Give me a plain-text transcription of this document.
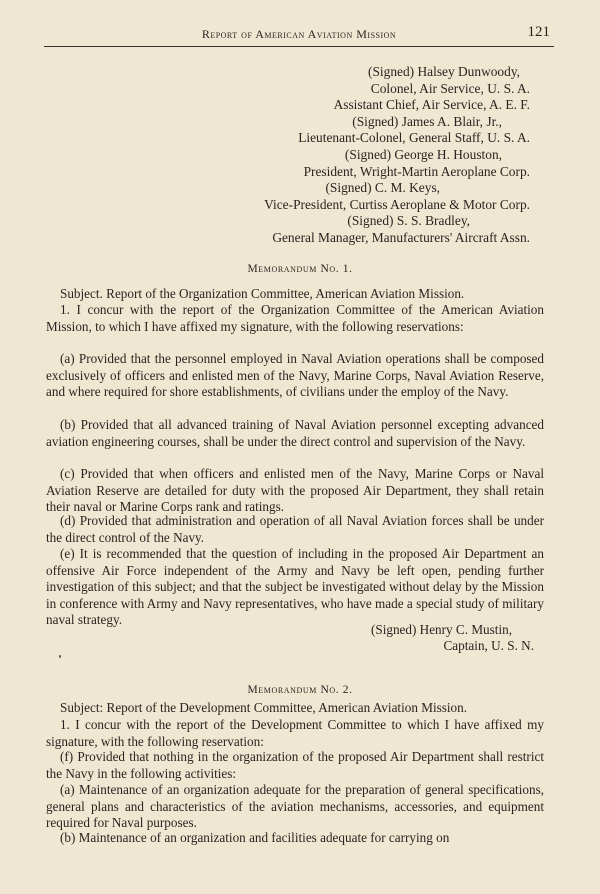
Report of American Aviation Mission	121
(Signed) Halsey Dunwoody,
Colonel, Air Service, U. S. A.
Assistant Chief, Air Service, A. E. F.
(Signed) James A. Blair, Jr.,
Lieutenant-Colonel, General Staff, U. S. A.
(Signed) George H. Houston,
President, Wright-Martin Aeroplane Corp.
(Signed) C. M. Keys,
Vice-President, Curtiss Aeroplane & Motor Corp.
(Signed) S. S. Bradley,
General Manager, Manufacturers' Aircraft Assn.
Memorandum No. 1.
Subject. Report of the Organization Committee, American Aviation Mission.
1. I concur with the report of the Organization Committee of the American Aviation Mission, to which I have affixed my signature, with the following reservations:
(a) Provided that the personnel employed in Naval Aviation operations shall be composed exclusively of officers and enlisted men of the Navy, Marine Corps, Naval Aviation Reserve, and where required for shore establishments, of civilians under the employ of the Navy.
(b) Provided that all advanced training of Naval Aviation personnel excepting advanced aviation engineering courses, shall be under the direct control and supervision of the Navy.
(c) Provided that when officers and enlisted men of the Navy, Marine Corps or Naval Aviation Reserve are detailed for duty with the proposed Air Department, they shall retain their naval or Marine Corps rank and ratings.
(d) Provided that administration and operation of all Naval Aviation forces shall be under the direct control of the Navy.
(e) It is recommended that the question of including in the proposed Air Department an offensive Air Force independent of the Army and Navy be left open, pending further investigation of this subject; and that the subject be investigated without delay by the Mission in conference with Army and Navy representatives, who have made a special study of military naval strategy.
(Signed) Henry C. Mustin,
Captain, U. S. N.
Memorandum No. 2.
Subject: Report of the Development Committee, American Aviation Mission.
1. I concur with the report of the Development Committee to which I have affixed my signature, with the following reservation:
(f) Provided that nothing in the organization of the proposed Air Department shall restrict the Navy in the following activities:
(a) Maintenance of an organization adequate for the preparation of general specifications, general plans and characteristics of the aviation mechanisms, accessories, and equipment required for Naval purposes.
(b) Maintenance of an organization and facilities adequate for carrying on
